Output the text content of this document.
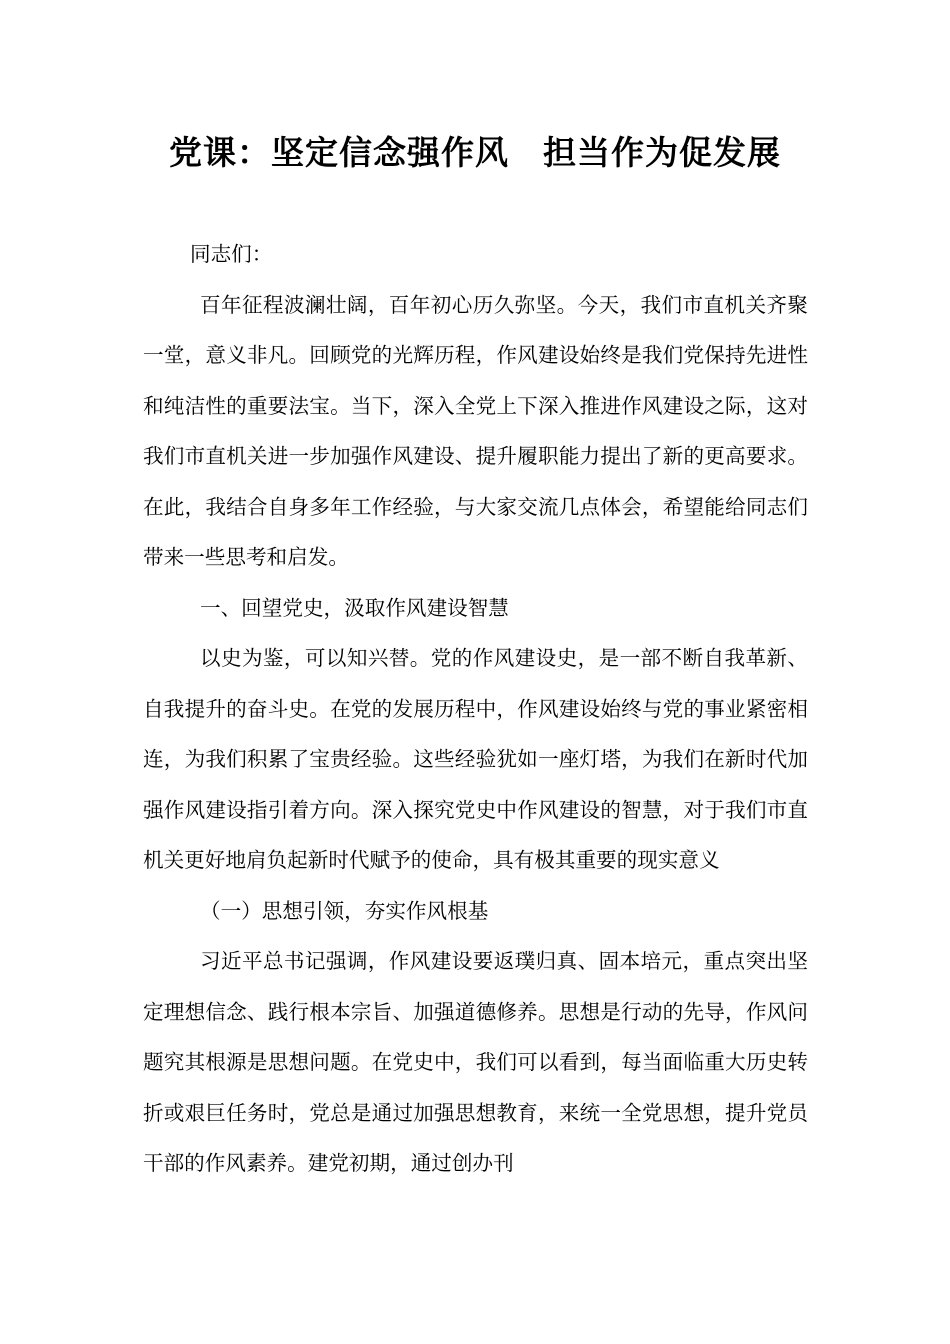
党课：坚定信念强作风　担当作为促发展

同志们：

百年征程波澜壮阔，百年初心历久弥坚。今天，我们市直机关齐聚一堂，意义非凡。回顾党的光辉历程，作风建设始终是我们党保持先进性和纯洁性的重要法宝。当下，深入全党上下深入推进作风建设之际，这对我们市直机关进一步加强作风建设、提升履职能力提出了新的更高要求。在此，我结合自身多年工作经验，与大家交流几点体会，希望能给同志们带来一些思考和启发。

一、回望党史，汲取作风建设智慧

以史为鉴，可以知兴替。党的作风建设史，是一部不断自我革新、自我提升的奋斗史。在党的发展历程中，作风建设始终与党的事业紧密相连，为我们积累了宝贵经验。这些经验犹如一座灯塔，为我们在新时代加强作风建设指引着方向。深入探究党史中作风建设的智慧，对于我们市直机关更好地肩负起新时代赋予的使命，具有极其重要的现实意义

（一）思想引领，夯实作风根基

习近平总书记强调，作风建设要返璞归真、固本培元，重点突出坚定理想信念、践行根本宗旨、加强道德修养。思想是行动的先导，作风问题究其根源是思想问题。在党史中，我们可以看到，每当面临重大历史转折或艰巨任务时，党总是通过加强思想教育，来统一全党思想，提升党员干部的作风素养。建党初期，通过创办刊
